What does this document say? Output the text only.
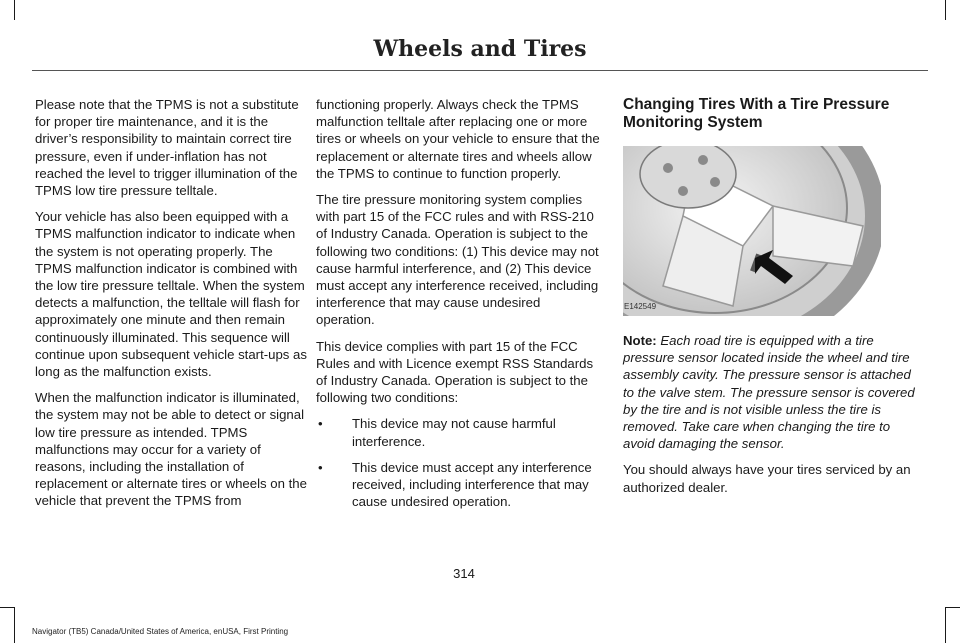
Wheels and Tires

Please note that the TPMS is not a substitute for proper tire maintenance, and it is the driver’s responsibility to maintain correct tire pressure, even if under-inflation has not reached the level to trigger illumination of the TPMS low tire pressure telltale.

Your vehicle has also been equipped with a TPMS malfunction indicator to indicate when the system is not operating properly. The TPMS malfunction indicator is combined with the low tire pressure telltale. When the system detects a malfunction, the telltale will flash for approximately one minute and then remain continuously illuminated. This sequence will continue upon subsequent vehicle start-ups as long as the malfunction exists.

When the malfunction indicator is illuminated, the system may not be able to detect or signal low tire pressure as intended. TPMS malfunctions may occur for a variety of reasons, including the installation of replacement or alternate tires or wheels on the vehicle that prevent the TPMS from

functioning properly. Always check the TPMS malfunction telltale after replacing one or more tires or wheels on your vehicle to ensure that the replacement or alternate tires and wheels allow the TPMS to continue to function properly.

The tire pressure monitoring system complies with part 15 of the FCC rules and with RSS-210 of Industry Canada. Operation is subject to the following two conditions: (1) This device may not cause harmful interference, and (2) This device must accept any interference received, including interference that may cause undesired operation.

This device complies with part 15 of the FCC Rules and with Licence exempt RSS Standards of Industry Canada. Operation is subject to the following two conditions:

• This device may not cause harmful interference.
• This device must accept any interference received, including interference that may cause undesired operation.
Changing Tires With a Tire Pressure Monitoring System
E142549

Note: Each road tire is equipped with a tire pressure sensor located inside the wheel and tire assembly cavity. The pressure sensor is attached to the valve stem. The pressure sensor is covered by the tire and is not visible unless the tire is removed. Take care when changing the tire to avoid damaging the sensor.

You should always have your tires serviced by an authorized dealer.

314
Navigator (TB5) Canada/United States of America, enUSA, First Printing
